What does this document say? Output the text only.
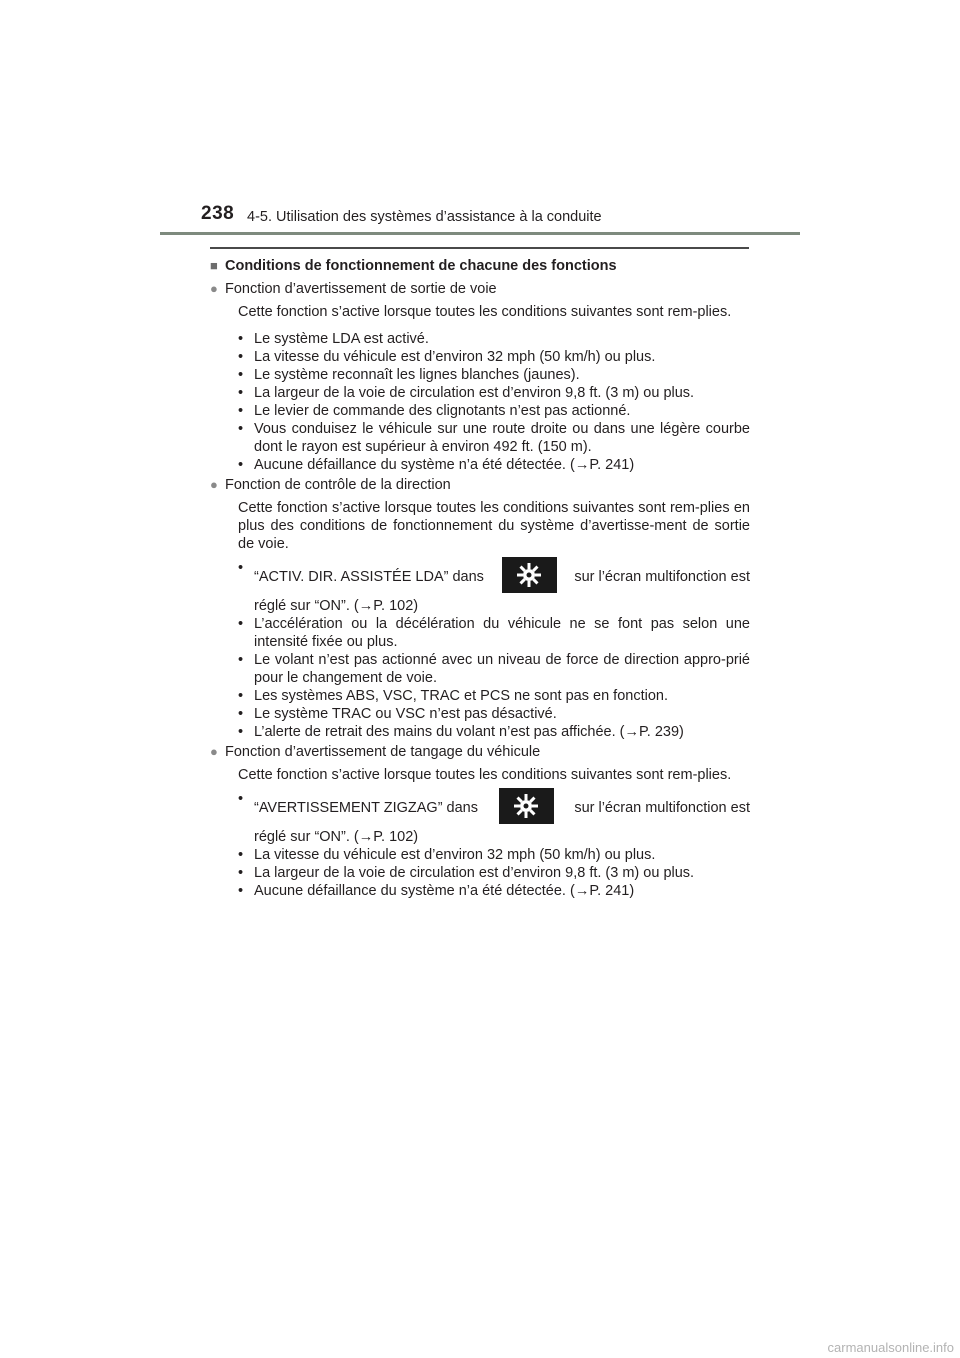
238 4-5. Utilisation des systèmes d’assistance à la conduite
■ Conditions de fonctionnement de chacune des fonctions
● Fonction d’avertissement de sortie de voie
Cette fonction s’active lorsque toutes les conditions suivantes sont rem-plies.
• Le système LDA est activé.
• La vitesse du véhicule est d’environ 32 mph (50 km/h) ou plus.
• Le système reconnaît les lignes blanches (jaunes).
• La largeur de la voie de circulation est d’environ 9,8 ft. (3 m) ou plus.
• Le levier de commande des clignotants n’est pas actionné.
• Vous conduisez le véhicule sur une route droite ou dans une légère courbe dont le rayon est supérieur à environ 492 ft. (150 m).
• Aucune défaillance du système n’a été détectée. (→P. 241)
● Fonction de contrôle de la direction
Cette fonction s’active lorsque toutes les conditions suivantes sont rem-plies en plus des conditions de fonctionnement du système d’avertisse-ment de sortie de voie.
•
“ACTIV. DIR. ASSISTÉE LDA” dans	sur l’écran multifonction est
réglé sur “ON”. (→P. 102)
• L’accélération ou la décélération du véhicule ne se font pas selon une intensité fixée ou plus.
• Le volant n’est pas actionné avec un niveau de force de direction appro-prié pour le changement de voie.
• Les systèmes ABS, VSC, TRAC et PCS ne sont pas en fonction.
• Le système TRAC ou VSC n’est pas désactivé.
• L’alerte de retrait des mains du volant n’est pas affichée. (→P. 239)
● Fonction d’avertissement de tangage du véhicule
Cette fonction s’active lorsque toutes les conditions suivantes sont rem-plies.
•
“AVERTISSEMENT ZIGZAG” dans	sur l’écran multifonction est
réglé sur “ON”. (→P. 102)
• La vitesse du véhicule est d’environ 32 mph (50 km/h) ou plus.
• La largeur de la voie de circulation est d’environ 9,8 ft. (3 m) ou plus.
• Aucune défaillance du système n’a été détectée. (→P. 241)
carmanualsonline.info
